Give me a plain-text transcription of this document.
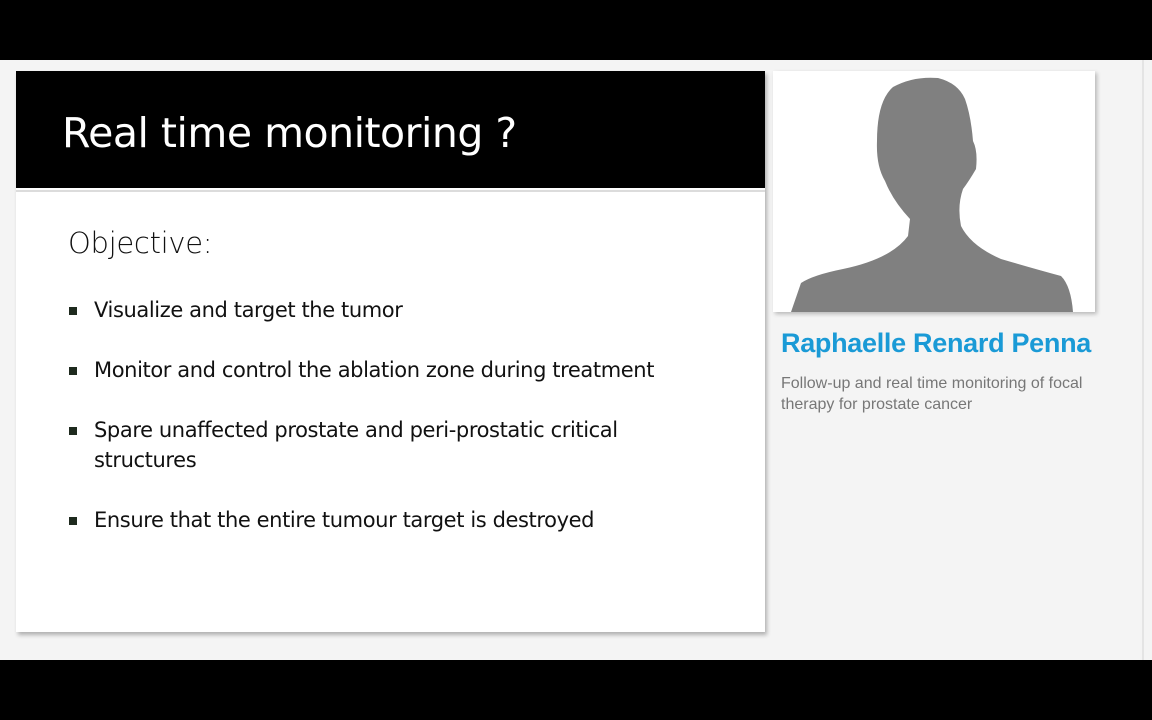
Real time monitoring ?
Objective:
Visualize and target the tumor
Monitor and control the ablation zone during treatment
Spare unaffected prostate and peri-prostatic critical structures
Ensure that the entire tumour target is destroyed
Raphaelle Renard Penna
Follow-up and real time monitoring of focal therapy for prostate cancer
